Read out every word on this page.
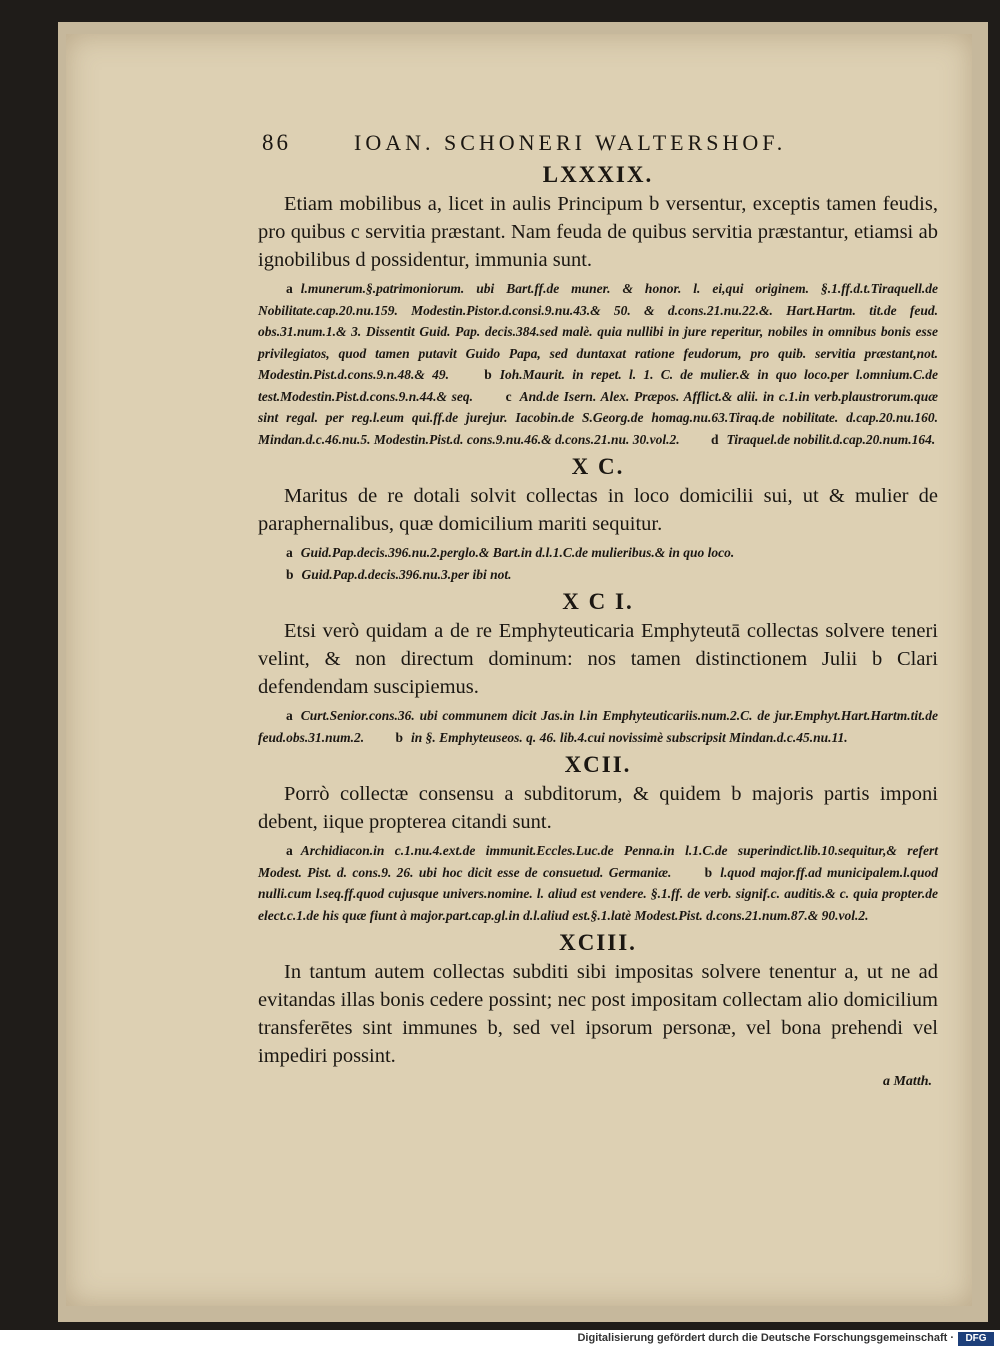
86	IOAN. SCHONERI WALTERSHOF.
LXXXIX.

Etiam mobilibus a, licet in aulis Principum b versentur, exceptis tamen feudis, pro quibus c servitia præstant. Nam feuda de quibus servitia præstantur, etiamsi ab ignobilibus d possidentur, immunia sunt.

a l.munerum.§.patrimoniorum. ubi Bart.ff.de muner. & honor. l. ei,qui originem. §.1.ff.d.t.Tiraquell.de Nobilitate.cap.20.nu.159. Modestin.Pistor.d.consi.9.nu.43.& 50. & d.cons.21.nu.22.&. Hart.Hartm. tit.de feud. obs.31.num.1.& 3. Dissentit Guid. Pap. decis.384.sed malè. quia nullibi in jure reperitur, nobiles in omnibus bonis esse privilegiatos, quod tamen putavit Guido Papa, sed duntaxat ratione feudorum, pro quib. servitia præstant,not. Modestin.Pist.d.cons.9.n.48.& 49.	b Ioh.Maurit. in repet. l. 1. C. de mulier.& in quo loco.per l.omnium.C.de test.Modestin.Pist.d.cons.9.n.44.& seq. c And.de Isern. Alex. Præpos. Afflict.& alii. in c.1.in verb.plaustrorum.quæ sint regal. per reg.l.eum qui.ff.de jurejur. Iacobin.de S.Georg.de homag.nu.63.Tiraq.de nobilitate. d.cap.20.nu.160. Mindan.d.c.46.nu.5. Modestin.Pist.d. cons.9.nu.46.& d.cons.21.nu. 30.vol.2. d Tiraquel.de nobilit.d.cap.20.num.164.
X C.

Maritus de re dotali solvit collectas in loco domicilii sui, ut & mulier de paraphernalibus, quæ domicilium mariti sequitur.

a Guid.Pap.decis.396.nu.2.perglo.& Bart.in d.l.1.C.de mulieribus.& in quo loco.
b Guid.Pap.d.decis.396.nu.3.per ibi not.
X C I.

Etsi verò quidam a de re Emphyteuticaria Emphyteutā collectas solvere teneri velint, & non directum dominum: nos tamen distinctionem Julii b Clari defendendam suscipiemus.

a Curt.Senior.cons.36. ubi communem dicit Jas.in l.in Emphyteuticariis.num.2.C. de jur.Emphyt.Hart.Hartm.tit.de feud.obs.31.num.2. b in §. Emphyteuseos. q. 46. lib.4.cui novissimè subscripsit Mindan.d.c.45.nu.11.
XCII.

Porrò collectæ consensu a subditorum, & quidem b majoris partis imponi debent, iique propterea citandi sunt.

a Archidiacon.in c.1.nu.4.ext.de immunit.Eccles.Luc.de Penna.in l.1.C.de superindict.lib.10.sequitur,& refert Modest. Pist. d. cons.9. 26. ubi hoc dicit esse de consuetud. Germaniæ. b l.quod major.ff.ad municipalem.l.quod nulli.cum l.seq.ff.quod cujusque univers.nomine. l. aliud est vendere. §.1.ff. de verb. signif.c. auditis.& c. quia propter.de elect.c.1.de his quæ fiunt à major.part.cap.gl.in d.l.aliud est.§.1.latè Modest.Pist. d.cons.21.num.87.& 90.vol.2.
XCIII.

In tantum autem collectas subditi sibi impositas solvere tenentur a, ut ne ad evitandas illas bonis cedere possint; nec post impositam collectam alio domicilium transferētes sint immunes b, sed vel ipsorum personæ, vel bona prehendi vel impediri possint.

a Matth.
Digitalisierung gefördert durch die Deutsche Forschungsgemeinschaft ·	DFG
